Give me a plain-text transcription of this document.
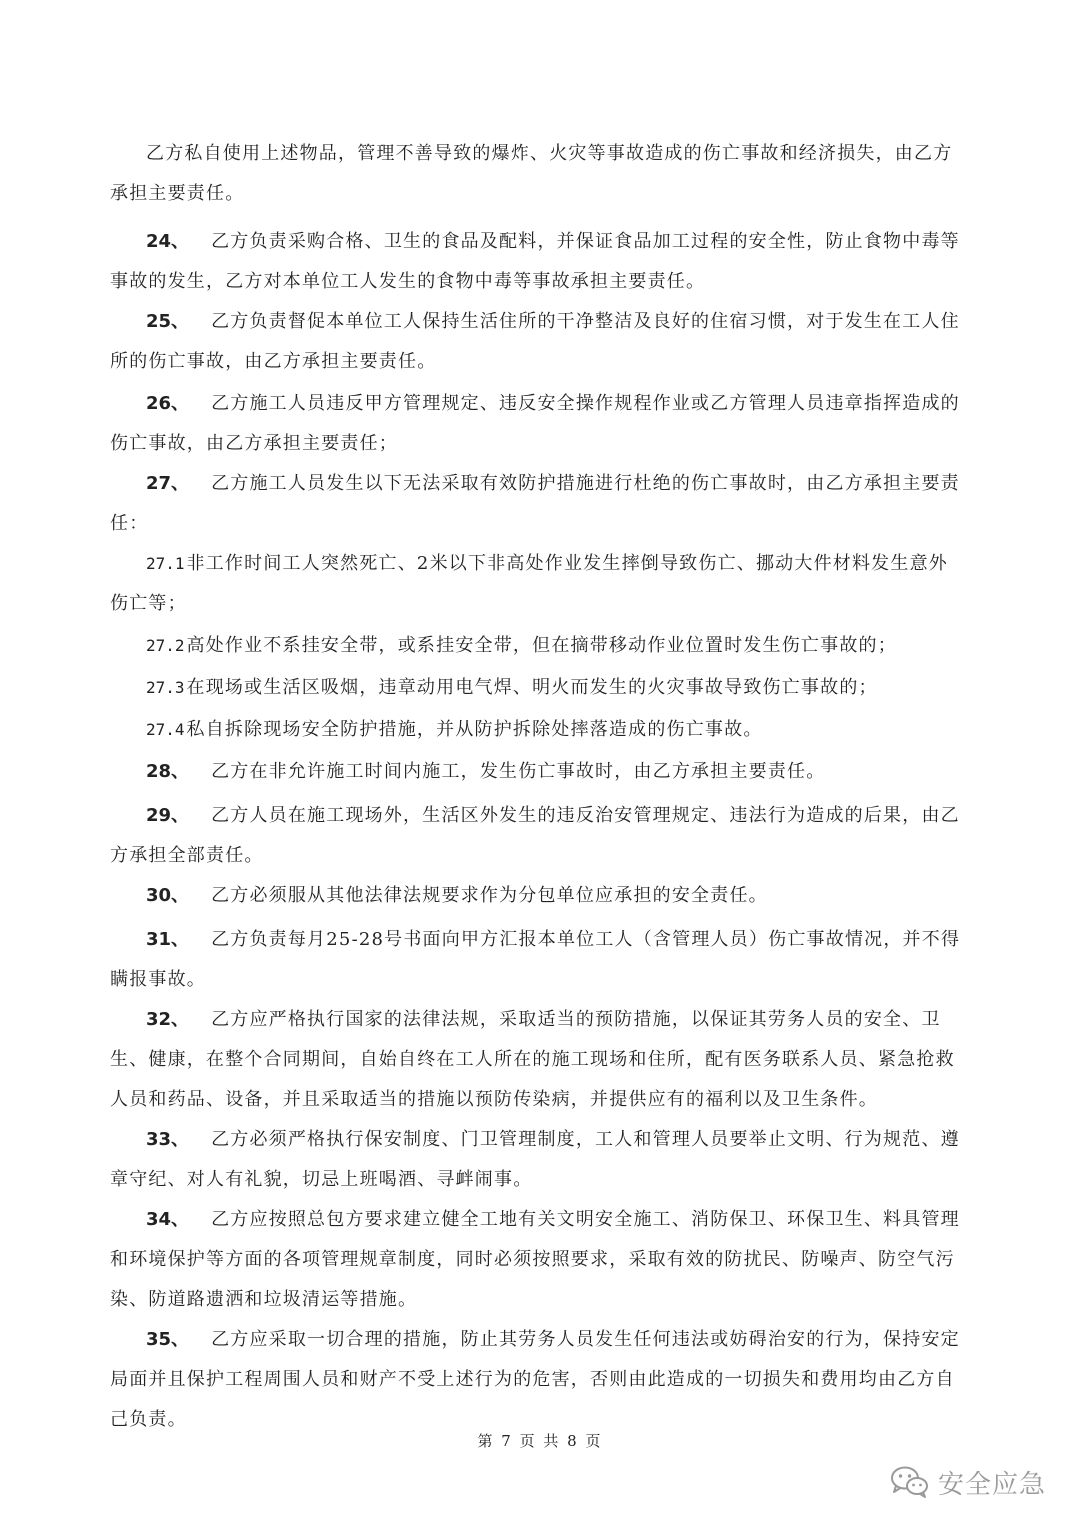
乙方私自使用上述物品，管理不善导致的爆炸、火灾等事故造成的伤亡事故和经济损失，由乙方承担主要责任。

24、 乙方负责采购合格、卫生的食品及配料，并保证食品加工过程的安全性，防止食物中毒等事故的发生，乙方对本单位工人发生的食物中毒等事故承担主要责任。

25、 乙方负责督促本单位工人保持生活住所的干净整洁及良好的住宿习惯，对于发生在工人住所的伤亡事故，由乙方承担主要责任。

26、 乙方施工人员违反甲方管理规定、违反安全操作规程作业或乙方管理人员违章指挥造成的伤亡事故，由乙方承担主要责任；

27、 乙方施工人员发生以下无法采取有效防护措施进行杜绝的伤亡事故时，由乙方承担主要责任：

27.1 非工作时间工人突然死亡、2米以下非高处作业发生摔倒导致伤亡、挪动大件材料发生意外伤亡等；

27.2 高处作业不系挂安全带，或系挂安全带，但在摘带移动作业位置时发生伤亡事故的；

27.3 在现场或生活区吸烟，违章动用电气焊、明火而发生的火灾事故导致伤亡事故的；

27.4 私自拆除现场安全防护措施，并从防护拆除处摔落造成的伤亡事故。

28、 乙方在非允许施工时间内施工，发生伤亡事故时，由乙方承担主要责任。

29、 乙方人员在施工现场外，生活区外发生的违反治安管理规定、违法行为造成的后果，由乙方承担全部责任。

30、 乙方必须服从其他法律法规要求作为分包单位应承担的安全责任。

31、 乙方负责每月25-28号书面向甲方汇报本单位工人（含管理人员）伤亡事故情况，并不得瞒报事故。

32、 乙方应严格执行国家的法律法规，采取适当的预防措施，以保证其劳务人员的安全、卫生、健康，在整个合同期间，自始自终在工人所在的施工现场和住所，配有医务联系人员、紧急抢救人员和药品、设备，并且采取适当的措施以预防传染病，并提供应有的福利以及卫生条件。

33、 乙方必须严格执行保安制度、门卫管理制度，工人和管理人员要举止文明、行为规范、遵章守纪、对人有礼貌，切忌上班喝酒、寻衅闹事。

34、 乙方应按照总包方要求建立健全工地有关文明安全施工、消防保卫、环保卫生、料具管理和环境保护等方面的各项管理规章制度，同时必须按照要求，采取有效的防扰民、防噪声、防空气污染、防道路遗洒和垃圾清运等措施。

35、 乙方应采取一切合理的措施，防止其劳务人员发生任何违法或妨碍治安的行为，保持安定局面并且保护工程周围人员和财产不受上述行为的危害，否则由此造成的一切损失和费用均由乙方自己负责。

第 7 页 共 8 页
安全应急
